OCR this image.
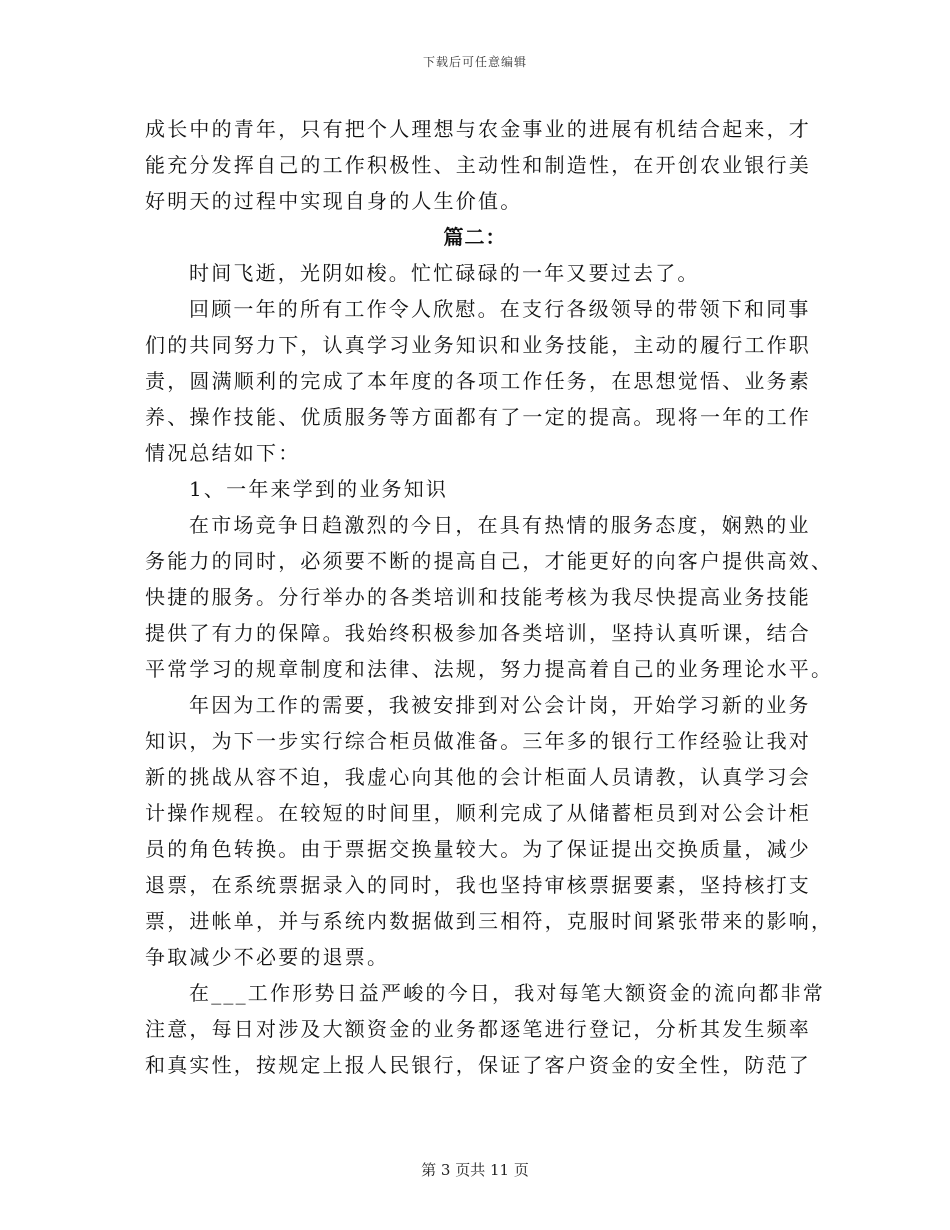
下载后可任意编辑
成长中的青年，只有把个人理想与农金事业的进展有机结合起来，才
能充分发挥自己的工作积极性、主动性和制造性，在开创农业银行美
好明天的过程中实现自身的人生价值。
篇二：
时间飞逝，光阴如梭。忙忙碌碌的一年又要过去了。
回顾一年的所有工作令人欣慰。在支行各级领导的带领下和同事
们的共同努力下，认真学习业务知识和业务技能，主动的履行工作职
责，圆满顺利的完成了本年度的各项工作任务，在思想觉悟、业务素
养、操作技能、优质服务等方面都有了一定的提高。现将一年的工作
情况总结如下：
1、一年来学到的业务知识
在市场竞争日趋激烈的今日，在具有热情的服务态度，娴熟的业
务能力的同时，必须要不断的提高自己，才能更好的向客户提供高效、
快捷的服务。分行举办的各类培训和技能考核为我尽快提高业务技能
提供了有力的保障。我始终积极参加各类培训，坚持认真听课，结合
平常学习的规章制度和法律、法规，努力提高着自己的业务理论水平。
年因为工作的需要，我被安排到对公会计岗，开始学习新的业务
知识，为下一步实行综合柜员做准备。三年多的银行工作经验让我对
新的挑战从容不迫，我虚心向其他的会计柜面人员请教，认真学习会
计操作规程。在较短的时间里，顺利完成了从储蓄柜员到对公会计柜
员的角色转换。由于票据交换量较大。为了保证提出交换质量，减少
退票，在系统票据录入的同时，我也坚持审核票据要素，坚持核打支
票，进帐单，并与系统内数据做到三相符，克服时间紧张带来的影响，
争取减少不必要的退票。
在___工作形势日益严峻的今日，我对每笔大额资金的流向都非常
注意，每日对涉及大额资金的业务都逐笔进行登记，分析其发生频率
和真实性，按规定上报人民银行，保证了客户资金的安全性，防范了
第 3 页共 11 页
